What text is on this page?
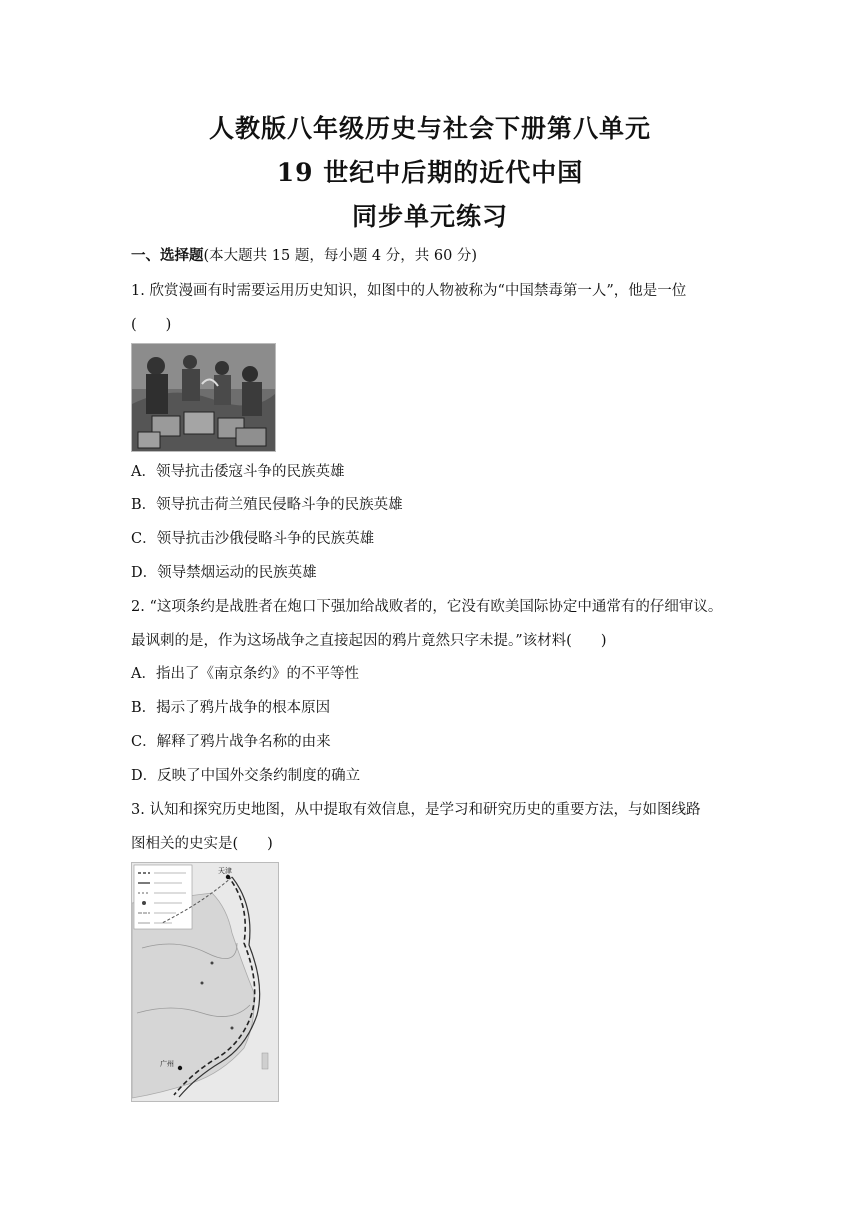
人教版八年级历史与社会下册第八单元
19 世纪中后期的近代中国
同步单元练习
一、选择题(本大题共 15 题，每小题 4 分，共 60 分)
1. 欣赏漫画有时需要运用历史知识，如图中的人物被称为“中国禁毒第一人”，他是一位
(　　)
A．领导抗击倭寇斗争的民族英雄
B．领导抗击荷兰殖民侵略斗争的民族英雄
C．领导抗击沙俄侵略斗争的民族英雄
D．领导禁烟运动的民族英雄
2. “这项条约是战胜者在炮口下强加给战败者的，它没有欧美国际协定中通常有的仔细审议。
最讽刺的是，作为这场战争之直接起因的鸦片竟然只字未提。”该材料(　　)
A．指出了《南京条约》的不平等性
B．揭示了鸦片战争的根本原因
C．解释了鸦片战争名称的由来
D．反映了中国外交条约制度的确立
3. 认知和探究历史地图，从中提取有效信息，是学习和研究历史的重要方法，与如图线路
图相关的史实是(　　)
天津
广州
